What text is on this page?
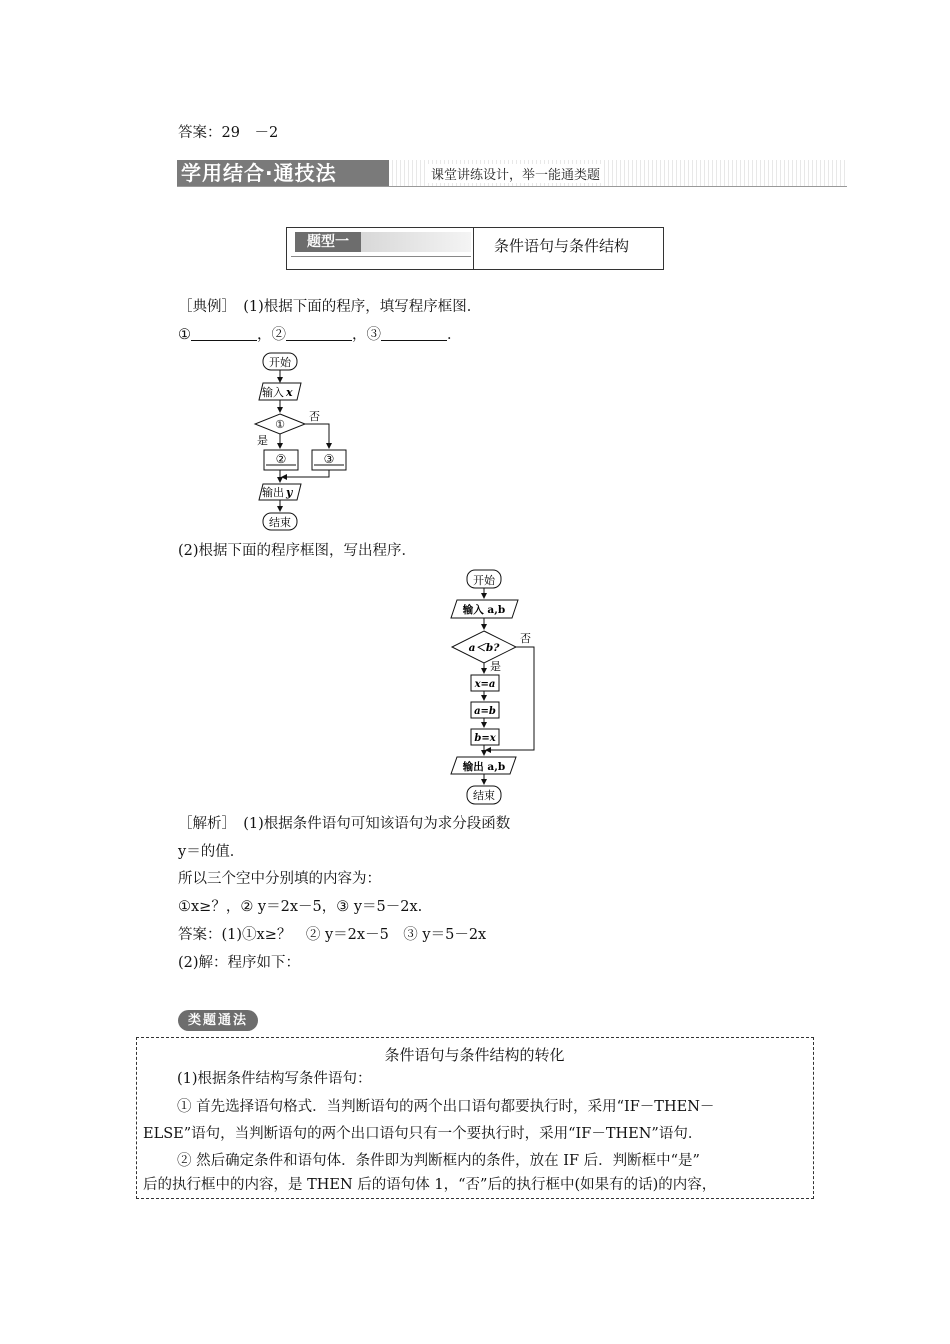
答案：29　－2
学用结合·通技法	课堂讲练设计，举一能通类题
题型一	条件语句与条件结构
［典例］　(1)根据下面的程序，填写程序框图．
①	，②	，③	．
开始
输入 x
①
是
否
②	③
输出 y
结束
(2)根据下面的程序框图，写出程序．
开始
输入 a,b
a＜b?
是
否
x=a
a=b
b=x
输出 a,b
结束
［解析］　(1)根据条件语句可知该语句为求分段函数
y＝的值．
所以三个空中分别填的内容为：
①x≥？，② y＝2x－5，③ y＝5－2x.
答案：(1)①x≥？　② y＝2x－5　③ y＝5－2x
(2)解：程序如下：
类题通法
条件语句与条件结构的转化
(1)根据条件结构写条件语句：
① 首先选择语句格式．当判断语句的两个出口语句都要执行时，采用“IF－THEN－
ELSE”语句，当判断语句的两个出口语句只有一个要执行时，采用“IF－THEN”语句．
② 然后确定条件和语句体．条件即为判断框内的条件，放在 IF 后．判断框中“是”
后的执行框中的内容，是 THEN 后的语句体 1，“否”后的执行框中(如果有的话)的内容，
